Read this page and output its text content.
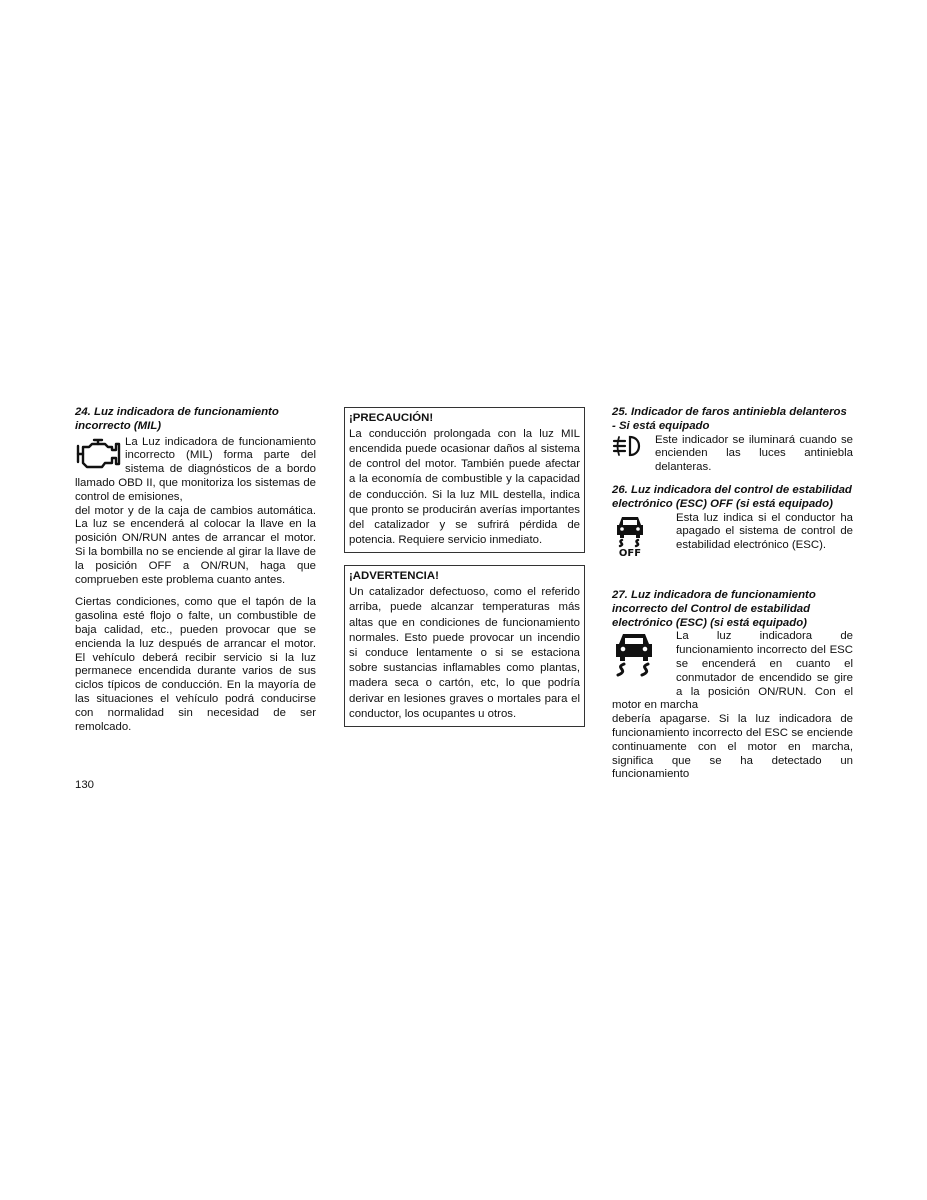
24. Luz indicadora de funcionamiento incorrecto (MIL)

La Luz indicadora de funcionamiento incorrecto (MIL) forma parte del sistema de diagnósticos de a bordo llamado OBD II, que monitoriza los sistemas de control de emisiones,

del motor y de la caja de cambios automática. La luz se encenderá al colocar la llave en la posición ON/RUN antes de arrancar el motor. Si la bombilla no se enciende al girar la llave de la posición OFF a ON/RUN, haga que comprueben este problema cuanto antes.

Ciertas condiciones, como que el tapón de la gasolina esté flojo o falte, un combustible de baja calidad, etc., pueden provocar que se encienda la luz después de arrancar el motor. El vehículo deberá recibir servicio si la luz permanece encendida durante varios de sus ciclos típicos de conducción. En la mayoría de las situaciones el vehículo podrá conducirse con normalidad sin necesidad de ser remolcado.

¡PRECAUCIÓN!

La conducción prolongada con la luz MIL encendida puede ocasionar daños al sistema de control del motor. También puede afectar a la economía de combustible y la capacidad de conducción. Si la luz MIL destella, indica que pronto se producirán averías importantes del catalizador y se sufrirá pérdida de potencia. Requiere servicio inmediato.

¡ADVERTENCIA!

Un catalizador defectuoso, como el referido arriba, puede alcanzar temperaturas más altas que en condiciones de funcionamiento normales. Esto puede provocar un incendio si conduce lentamente o si se estaciona sobre sustancias inflamables como plantas, madera seca o cartón, etc, lo que podría derivar en lesiones graves o mortales para el conductor, los ocupantes u otros.

25. Indicador de faros antiniebla delanteros - Si está equipado

Este indicador se iluminará cuando se encienden las luces antiniebla delanteras.

26. Luz indicadora del control de estabilidad electrónico (ESC) OFF (si está equipado)
OFF

Esta luz indica si el conductor ha apagado el sistema de control de estabilidad electrónico (ESC).

27. Luz indicadora de funcionamiento incorrecto del Control de estabilidad electrónico (ESC) (si está equipado)

La luz indicadora de funcionamiento incorrecto del ESC se encenderá en cuanto el conmutador de encendido se gire a la posición ON/RUN. Con el motor en marcha

debería apagarse. Si la luz indicadora de funcionamiento incorrecto del ESC se enciende continuamente con el motor en marcha, significa que se ha detectado un funcionamiento

130
